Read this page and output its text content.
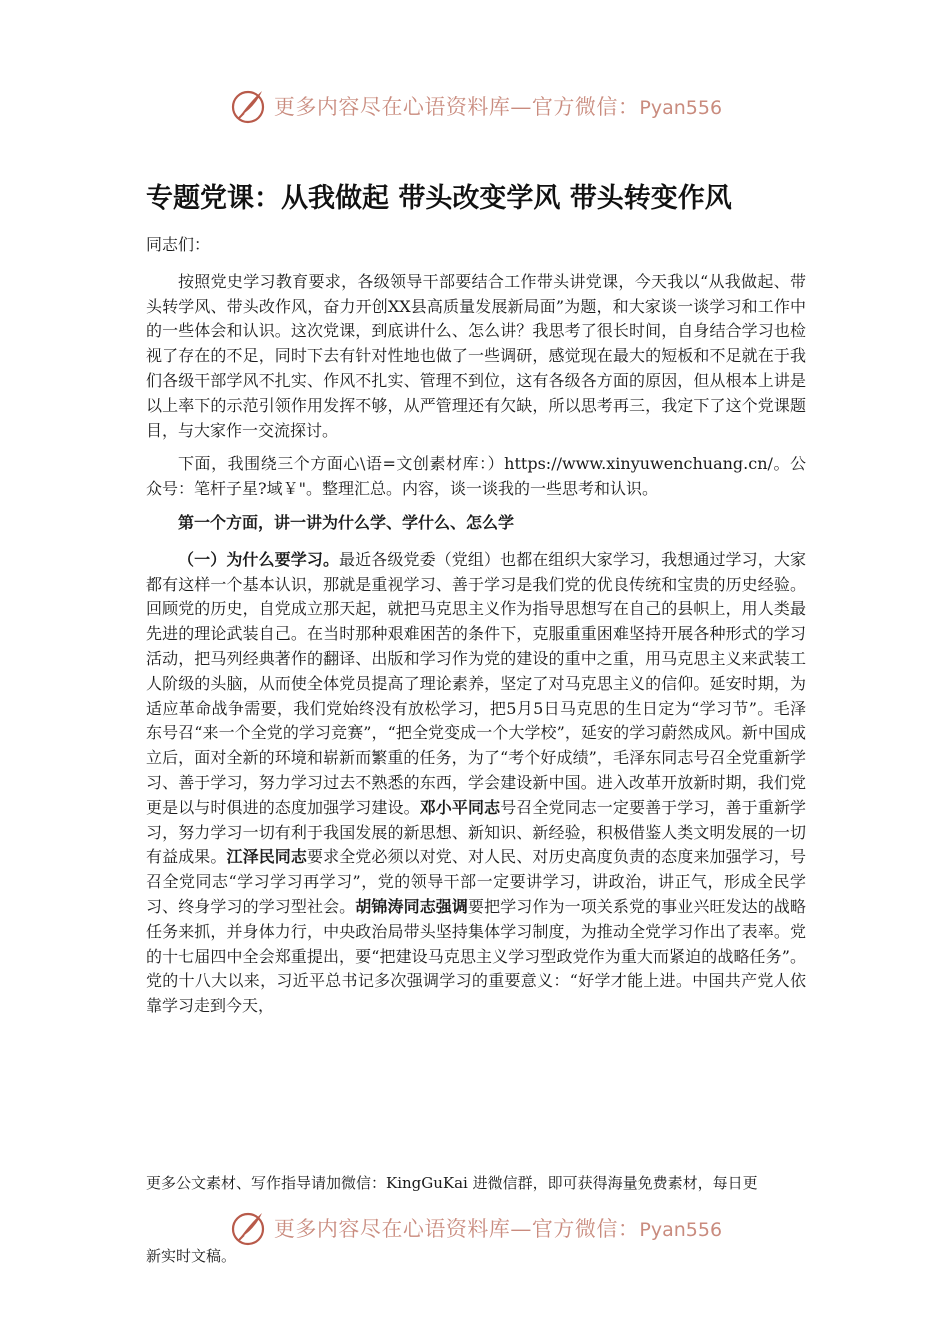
更多内容尽在心语资料库—官方微信：Pyan556
专题党课：从我做起 带头改变学风 带头转变作风

同志们：

按照党史学习教育要求，各级领导干部要结合工作带头讲党课，今天我以“从我做起、带头转学风、带头改作风，奋力开创XX县高质量发展新局面”为题，和大家谈一谈学习和工作中的一些体会和认识。这次党课，到底讲什么、怎么讲？我思考了很长时间，自身结合学习也检视了存在的不足，同时下去有针对性地也做了一些调研，感觉现在最大的短板和不足就在于我们各级干部学风不扎实、作风不扎实、管理不到位，这有各级各方面的原因，但从根本上讲是以上率下的示范引领作用发挥不够，从严管理还有欠缺，所以思考再三，我定下了这个党课题目，与大家作一交流探讨。

下面，我围绕三个方面心\语=文创素材库：）https://www.xinyuwenchuang.cn/。公众号：笔杆子星?域￥"。整理汇总。内容，谈一谈我的一些思考和认识。

第一个方面，讲一讲为什么学、学什么、怎么学

（一）为什么要学习。最近各级党委（党组）也都在组织大家学习，我想通过学习，大家都有这样一个基本认识，那就是重视学习、善于学习是我们党的优良传统和宝贵的历史经验。回顾党的历史，自党成立那天起，就把马克思主义作为指导思想写在自己的县帜上，用人类最先进的理论武装自己。在当时那种艰难困苦的条件下，克服重重困难坚持开展各种形式的学习活动，把马列经典著作的翻译、出版和学习作为党的建设的重中之重，用马克思主义来武装工人阶级的头脑，从而使全体党员提高了理论素养，坚定了对马克思主义的信仰。延安时期，为适应革命战争需要，我们党始终没有放松学习，把5月5日马克思的生日定为“学习节”。毛泽东号召“来一个全党的学习竞赛”，“把全党变成一个大学校”，延安的学习蔚然成风。新中国成立后，面对全新的环境和崭新而繁重的任务，为了“考个好成绩”，毛泽东同志号召全党重新学习、善于学习，努力学习过去不熟悉的东西，学会建设新中国。进入改革开放新时期，我们党更是以与时俱进的态度加强学习建设。邓小平同志号召全党同志一定要善于学习，善于重新学习，努力学习一切有利于我国发展的新思想、新知识、新经验，积极借鉴人类文明发展的一切有益成果。江泽民同志要求全党必须以对党、对人民、对历史高度负责的态度来加强学习，号召全党同志“学习学习再学习”，党的领导干部一定要讲学习，讲政治，讲正气，形成全民学习、终身学习的学习型社会。胡锦涛同志强调要把学习作为一项关系党的事业兴旺发达的战略任务来抓，并身体力行，中央政治局带头坚持集体学习制度，为推动全党学习作出了表率。党的十七届四中全会郑重提出，要“把建设马克思主义学习型政党作为重大而紧迫的战略任务”。党的十八大以来，习近平总书记多次强调学习的重要意义：“好学才能上进。中国共产党人依靠学习走到今天，

更多公文素材、写作指导请加微信：KingGuKai 进微信群，即可获得海量免费素材，每日更
更多内容尽在心语资料库—官方微信：Pyan556
新实时文稿。
